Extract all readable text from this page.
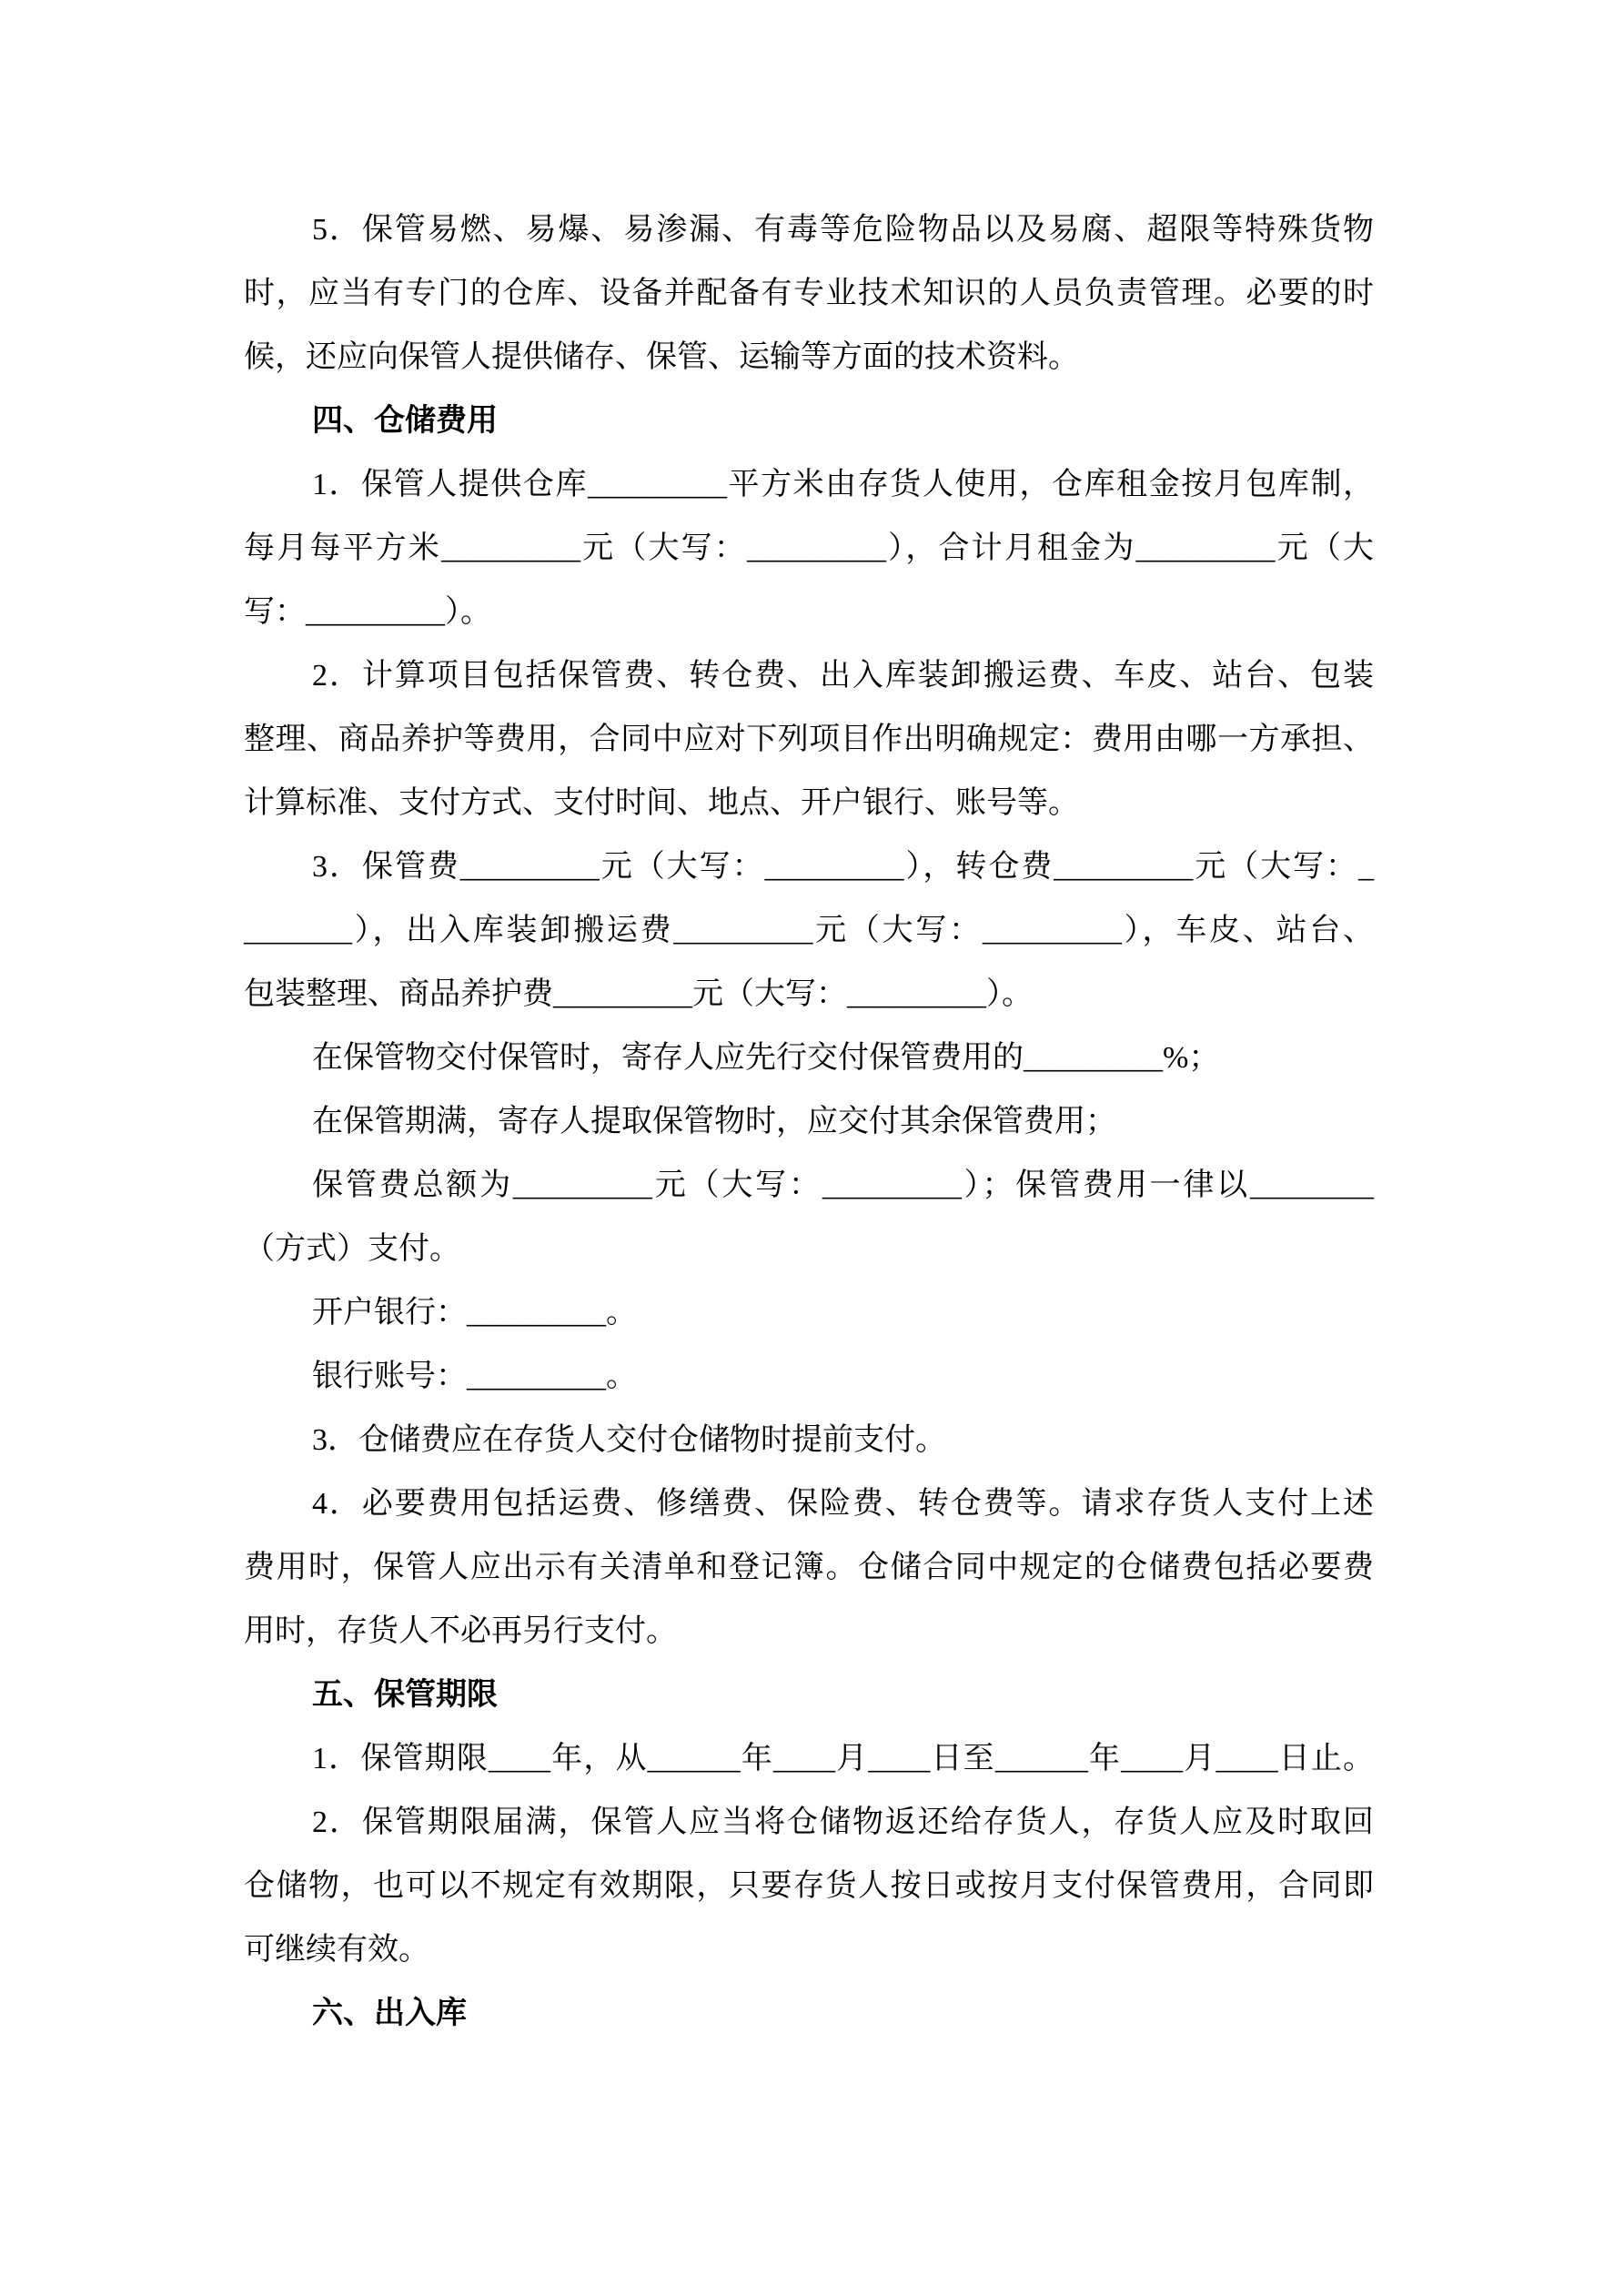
5．保管易燃、易爆、易渗漏、有毒等危险物品以及易腐、超限等特殊货物
时，应当有专门的仓库、设备并配备有专业技术知识的人员负责管理。必要的时
候，还应向保管人提供储存、保管、运输等方面的技术资料。
四、仓储费用
1．保管人提供仓库_________平方米由存货人使用，仓库租金按月包库制，
每月每平方米_________元（大写：_________），合计月租金为_________元（大
写：_________）。
2．计算项目包括保管费、转仓费、出入库装卸搬运费、车皮、站台、包装
整理、商品养护等费用，合同中应对下列项目作出明确规定：费用由哪一方承担、
计算标准、支付方式、支付时间、地点、开户银行、账号等。
3．保管费_________元（大写：_________），转仓费_________元（大写：_
_______），出入库装卸搬运费_________元（大写：_________），车皮、站台、
包装整理、商品养护费_________元（大写：_________）。
在保管物交付保管时，寄存人应先行交付保管费用的_________%；
在保管期满，寄存人提取保管物时，应交付其余保管费用；
保管费总额为_________元（大写：_________）；保管费用一律以________
（方式）支付。
开户银行：_________。
银行账号：_________。
3．仓储费应在存货人交付仓储物时提前支付。
4．必要费用包括运费、修缮费、保险费、转仓费等。请求存货人支付上述
费用时，保管人应出示有关清单和登记簿。仓储合同中规定的仓储费包括必要费
用时，存货人不必再另行支付。
五、保管期限
1．保管期限____年，从______年____月____日至______年____月____日止。
2．保管期限届满，保管人应当将仓储物返还给存货人，存货人应及时取回
仓储物，也可以不规定有效期限，只要存货人按日或按月支付保管费用，合同即
可继续有效。
六、出入库
